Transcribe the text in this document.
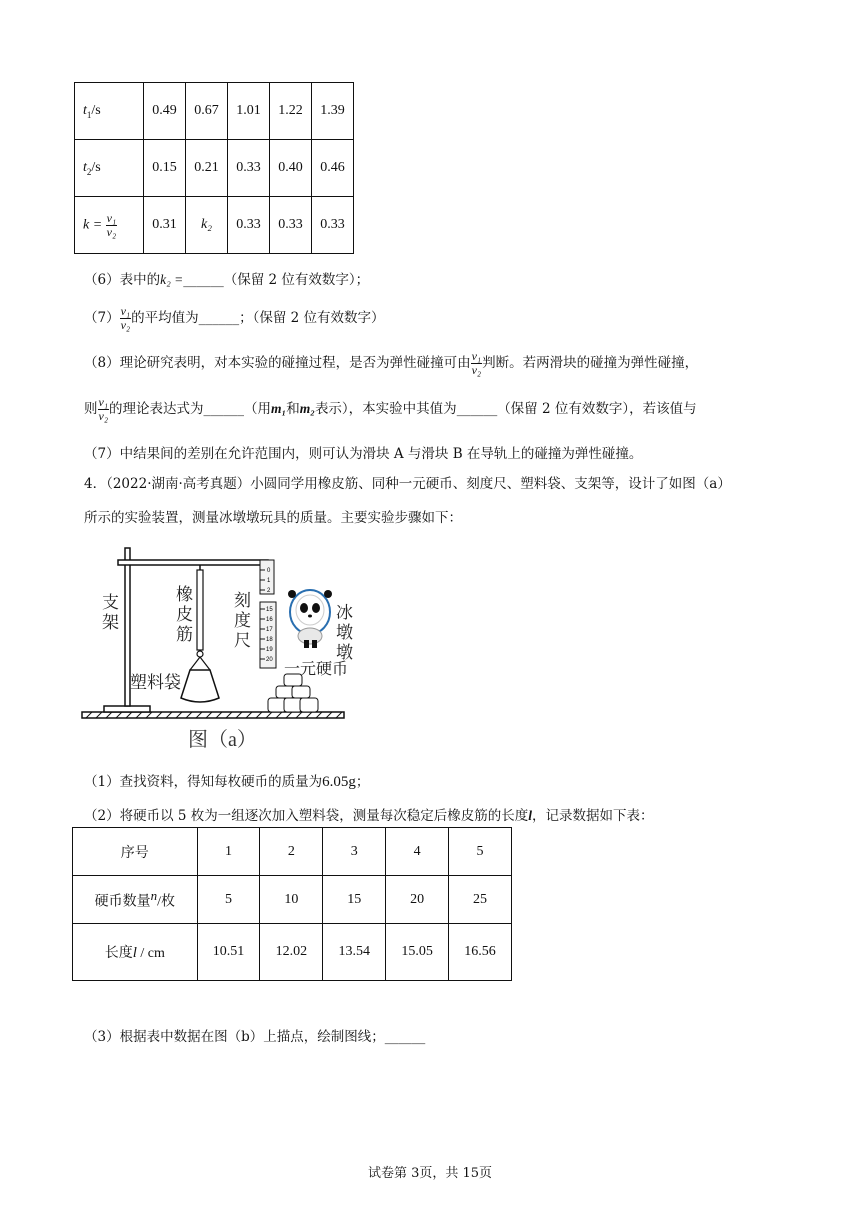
$t_1/s$	0.49	0.67	1.01	1.22	1.39
$t_2/s$	0.15	0.21	0.33	0.40	0.46
$k = \frac{\text{v₁}}{\text{v₂}}$	0.31	k₂	0.33	0.33	0.33
（6）表中的k₂ =______（保留 2 位有效数字）；
$(7) \frac{\text{v₁}}{\text{v₂}}$ 的平均值为______；（保留 2 位有效数字）
（8）理论研究表明，对本实验的碰撞过程，是否为弹性碰撞可由 $\frac{\text{v₁}}{\text{v₂}}$ 判断。若两滑块的碰撞为弹性碰撞，
则 $\frac{\text{v₁}}{\text{v₂}}$ 的理论表达式为______（用m₁和m₂表示），本实验中其值为______（保留 2 位有效数字），若该值与
（7）中结果间的差别在允许范围内，则可认为滑块 A 与滑块 B 在导轨上的碰撞为弹性碰撞。
4．（2022·湖南·高考真题）小圆同学用橡皮筋、同种一元硬币、刻度尺、塑料袋、支架等，设计了如图（a）
所示的实验装置，测量冰墩墩玩具的质量。主要实验步骤如下：
0
1
2
15
16
17
18
19
20
支架
橡皮筋
刻度尺
塑料袋
冰墩墩
一元硬币
图（a）
（1）查找资料，得知每枚硬币的质量为6.05g；
（2）将硬币以 5 枚为一组逐次加入塑料袋，测量每次稳定后橡皮筋的长度l，记录数据如下表：
序号	1	2	3	4	5
硬币数量n/枚	5	10	15	20	25
长度l / cm	10.51	12.02	13.54	15.05	16.56
（3）根据表中数据在图（b）上描点，绘制图线；______
试卷第 3页，共 15页
